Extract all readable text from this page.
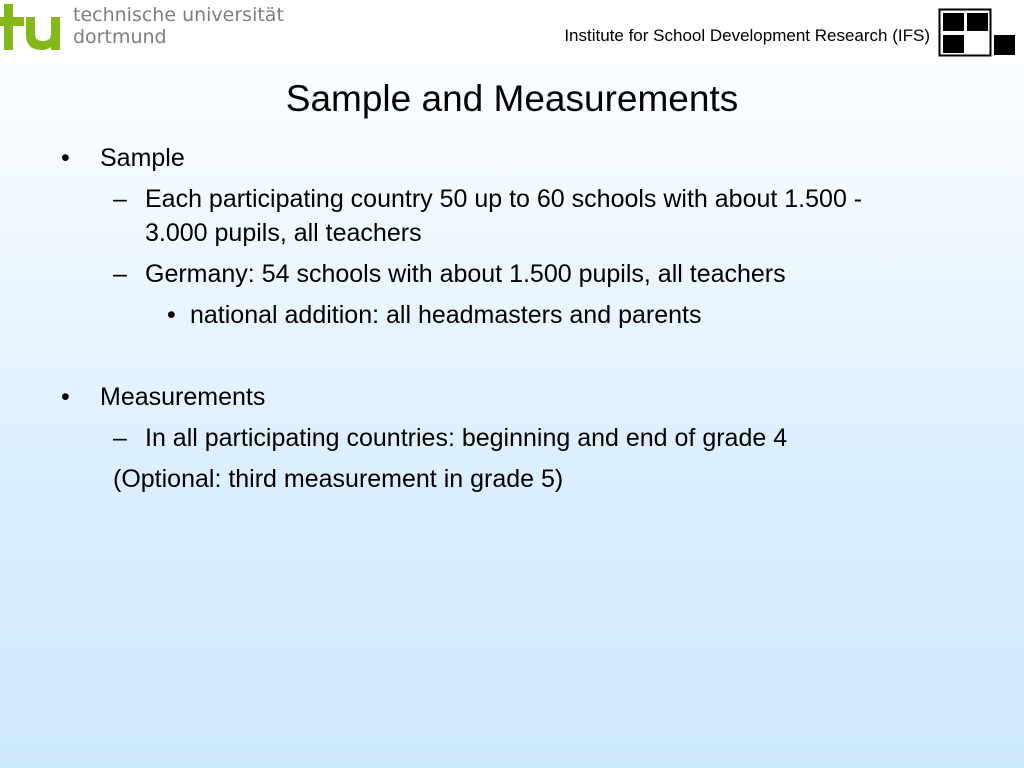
technische universität
dortmund	Institute for School Development Research (IFS)
Sample and Measurements
• Sample
– Each participating country 50 up to 60 schools with about 1.500 -
3.000 pupils, all teachers
– Germany: 54 schools with about 1.500 pupils, all teachers
• national addition: all headmasters and parents
• Measurements
– In all participating countries: beginning and end of grade 4
(Optional: third measurement in grade 5)
